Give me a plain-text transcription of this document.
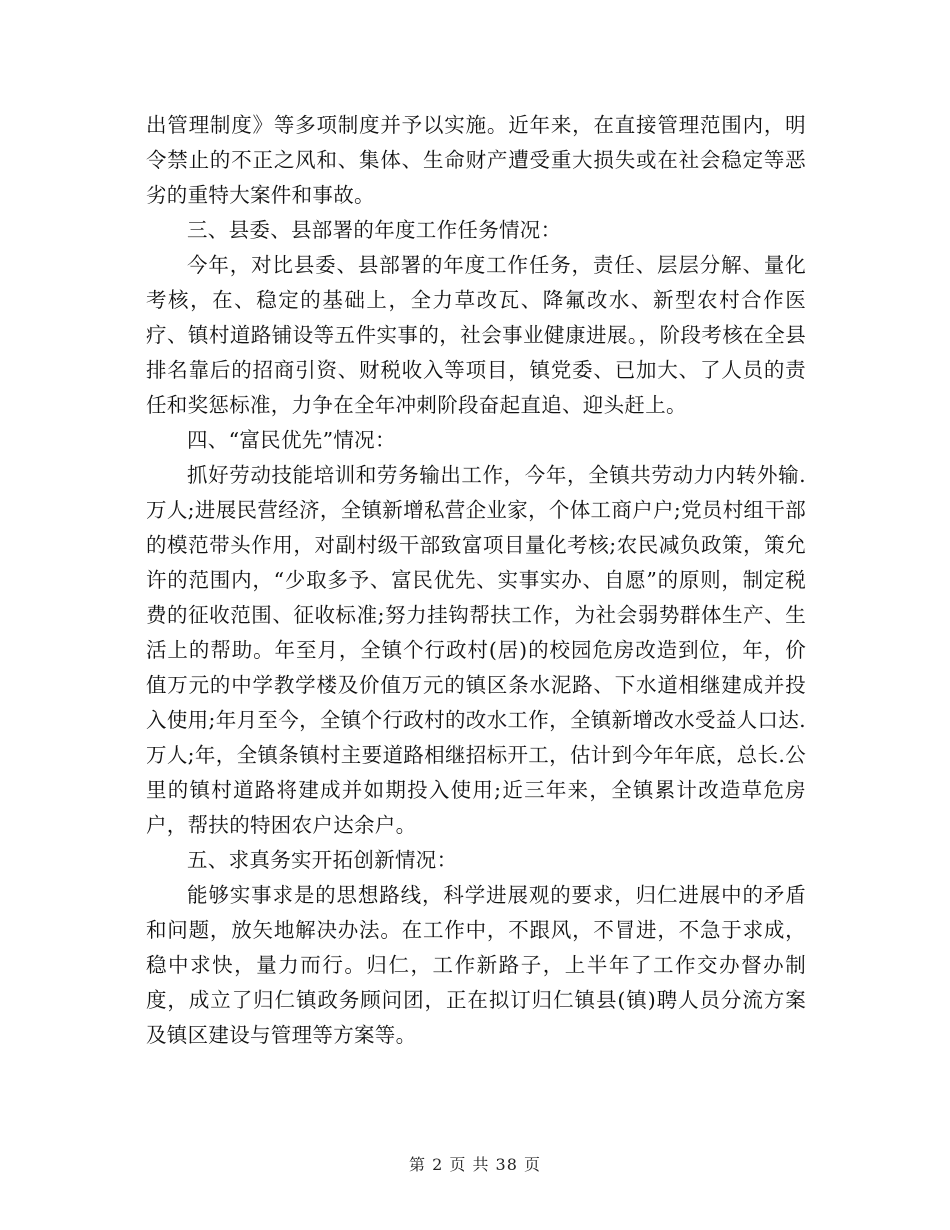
出管理制度》等多项制度并予以实施。近年来，在直接管理范围内，明令禁止的不正之风和、集体、生命财产遭受重大损失或在社会稳定等恶劣的重特大案件和事故。

三、县委、县部署的年度工作任务情况：

今年，对比县委、县部署的年度工作任务，责任、层层分解、量化考核，在、稳定的基础上，全力草改瓦、降氟改水、新型农村合作医疗、镇村道路铺设等五件实事的，社会事业健康进展。，阶段考核在全县排名靠后的招商引资、财税收入等项目，镇党委、已加大、了人员的责任和奖惩标准，力争在全年冲刺阶段奋起直追、迎头赶上。

四、“富民优先”情况：

抓好劳动技能培训和劳务输出工作，今年，全镇共劳动力内转外输.万人;进展民营经济，全镇新增私营企业家，个体工商户户;党员村组干部的模范带头作用，对副村级干部致富项目量化考核;农民减负政策，策允许的范围内，“少取多予、富民优先、实事实办、自愿”的原则，制定税费的征收范围、征收标准;努力挂钩帮扶工作，为社会弱势群体生产、生活上的帮助。年至月，全镇个行政村(居)的校园危房改造到位，年，价值万元的中学教学楼及价值万元的镇区条水泥路、下水道相继建成并投入使用;年月至今，全镇个行政村的改水工作，全镇新增改水受益人口达.万人;年，全镇条镇村主要道路相继招标开工，估计到今年年底，总长.公里的镇村道路将建成并如期投入使用;近三年来，全镇累计改造草危房户，帮扶的特困农户达余户。

五、求真务实开拓创新情况：

能够实事求是的思想路线，科学进展观的要求，归仁进展中的矛盾和问题，放矢地解决办法。在工作中，不跟风，不冒进，不急于求成，稳中求快，量力而行。归仁，工作新路子，上半年了工作交办督办制度，成立了归仁镇政务顾问团，正在拟订归仁镇县(镇)聘人员分流方案及镇区建设与管理等方案等。

第 2 页 共 38 页
